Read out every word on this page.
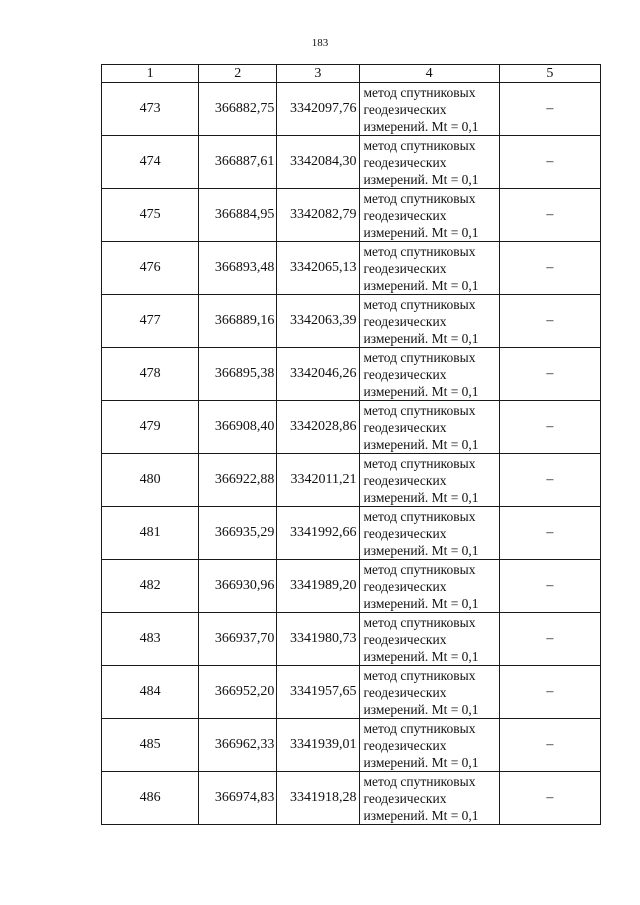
183
1	2	3	4	5
473	366882,75	3342097,76	метод спутниковых
геодезических
измерений. Mt = 0,1	–
474	366887,61	3342084,30	метод спутниковых
геодезических
измерений. Mt = 0,1	–
475	366884,95	3342082,79	метод спутниковых
геодезических
измерений. Mt = 0,1	–
476	366893,48	3342065,13	метод спутниковых
геодезических
измерений. Mt = 0,1	–
477	366889,16	3342063,39	метод спутниковых
геодезических
измерений. Mt = 0,1	–
478	366895,38	3342046,26	метод спутниковых
геодезических
измерений. Mt = 0,1	–
479	366908,40	3342028,86	метод спутниковых
геодезических
измерений. Mt = 0,1	–
480	366922,88	3342011,21	метод спутниковых
геодезических
измерений. Mt = 0,1	–
481	366935,29	3341992,66	метод спутниковых
геодезических
измерений. Mt = 0,1	–
482	366930,96	3341989,20	метод спутниковых
геодезических
измерений. Mt = 0,1	–
483	366937,70	3341980,73	метод спутниковых
геодезических
измерений. Mt = 0,1	–
484	366952,20	3341957,65	метод спутниковых
геодезических
измерений. Mt = 0,1	–
485	366962,33	3341939,01	метод спутниковых
геодезических
измерений. Mt = 0,1	–
486	366974,83	3341918,28	метод спутниковых
геодезических
измерений. Mt = 0,1	–
